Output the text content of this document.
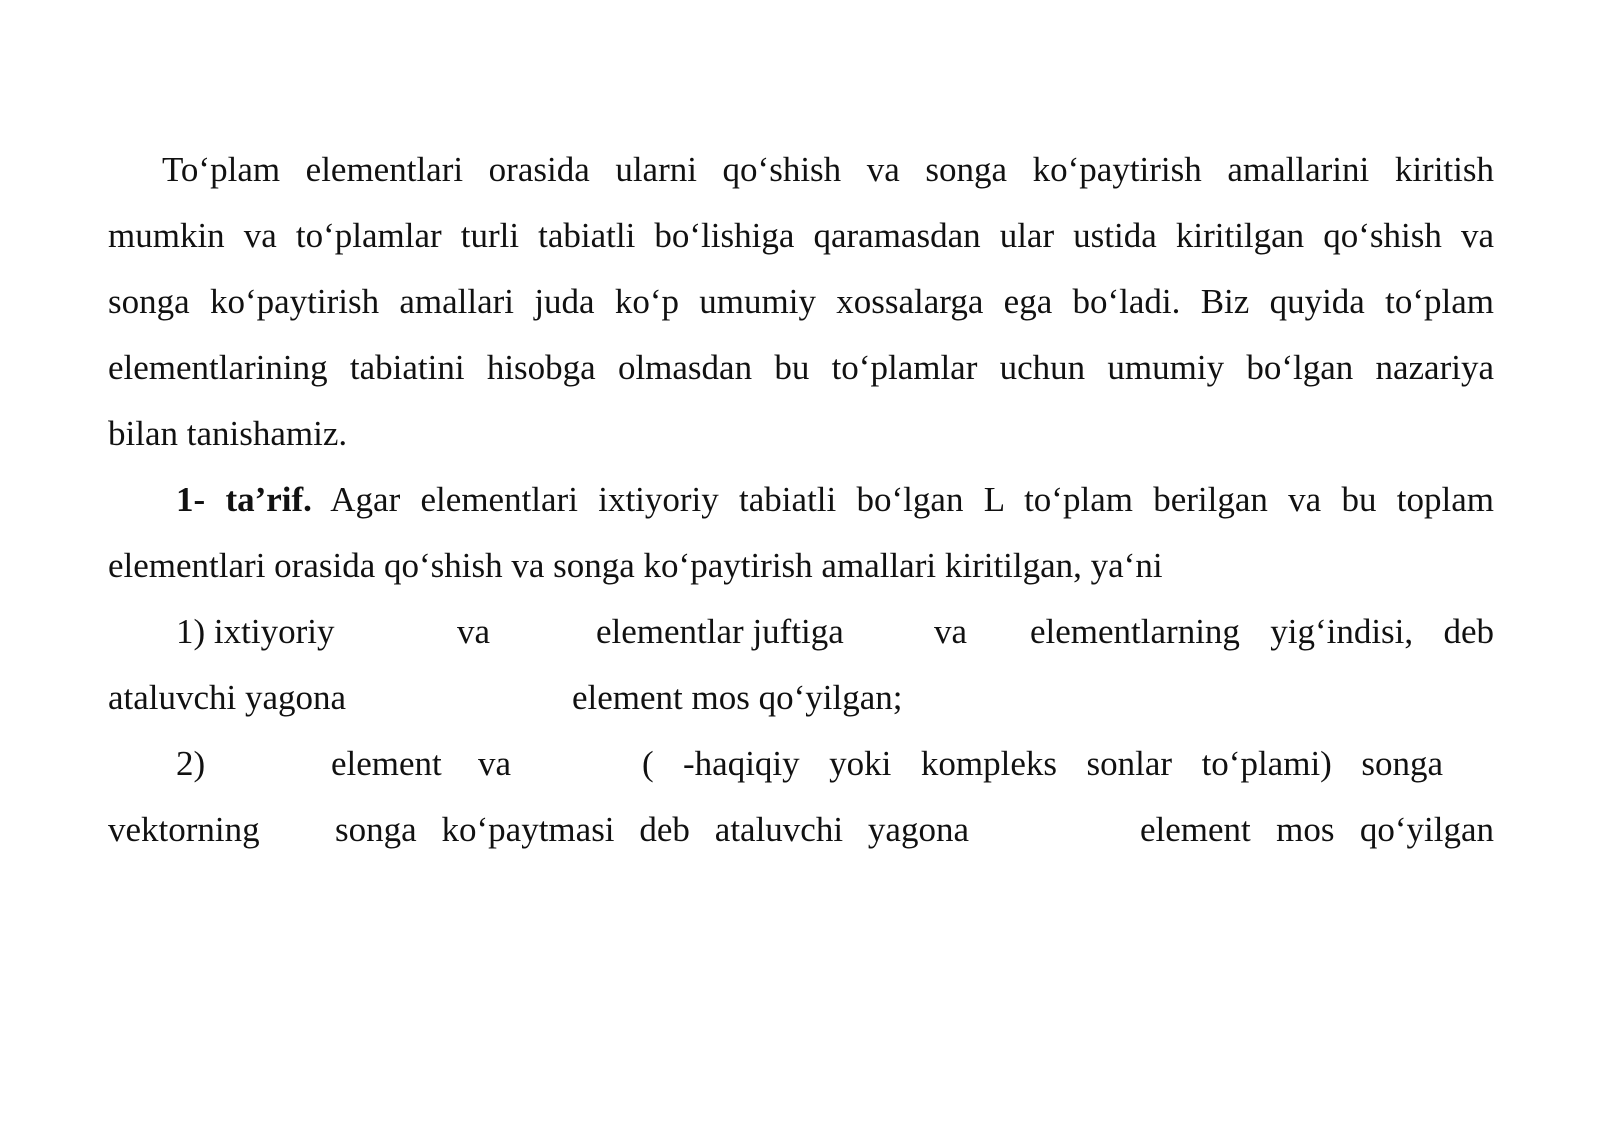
To‘plam elementlari orasida ularni qo‘shish va songa ko‘paytirish amallarini kiritish
mumkin va to‘plamlar turli tabiatli bo‘lishiga qaramasdan ular ustida kiritilgan qo‘shish va
songa ko‘paytirish amallari juda ko‘p umumiy xossalarga ega bo‘ladi. Biz quyida to‘plam
elementlarining tabiatini hisobga olmasdan bu to‘plamlar uchun umumiy bo‘lgan nazariya
bilan tanishamiz.
1- ta’rif. Agar elementlari ixtiyoriy tabiatli bo‘lgan L to‘plam berilgan va bu toplam
elementlari orasida qo‘shish va songa ko‘paytirish amallari kiritilgan, ya‘ni
1) ixtiyoriy	va	elementlar juftiga	va elementlarning yig‘indisi, deb
ataluvchi yagona	element mos qo‘yilgan;
2)	element va	( -haqiqiy yoki kompleks sonlar to‘plami) songa
vektorning songa ko‘paytmasi deb ataluvchi yagona	element mos qo‘yilgan
